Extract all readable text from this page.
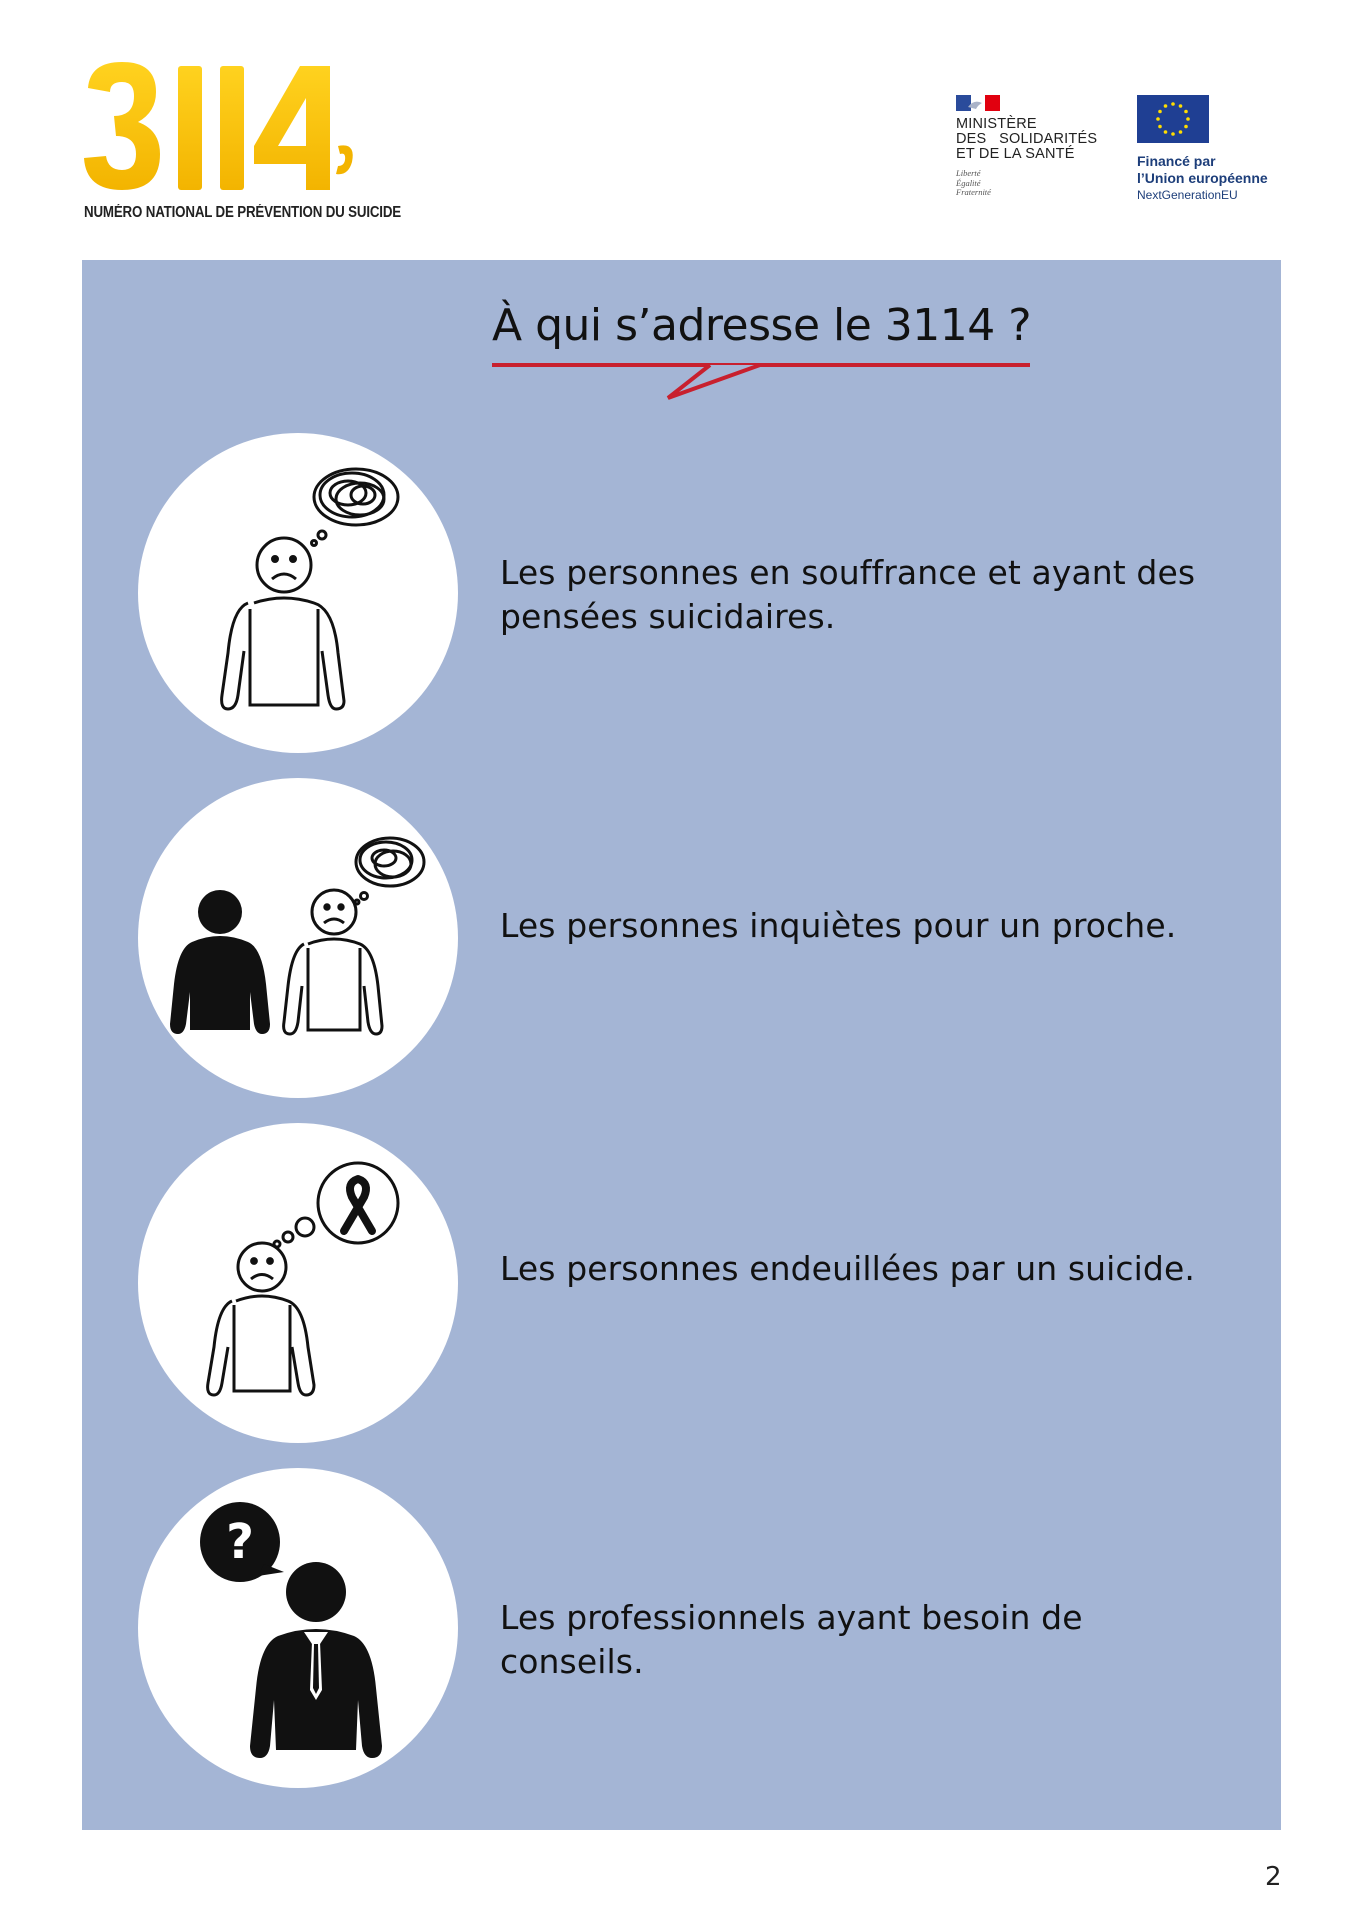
NUMÉRO NATIONAL DE PRÉVENTION DU SUICIDE
MINISTÈRE
DES   SOLIDARITÉS
ET DE LA SANTÉ
Liberté
Égalité
Fraternité
Financé par
l’Union européenne
NextGenerationEU
À qui s’adresse le 3114 ?
Les personnes en souffrance et ayant des pensées suicidaires.
Les personnes inquiètes pour un proche.
Les personnes endeuillées par un suicide.
?
Les professionnels ayant besoin de conseils.
2
